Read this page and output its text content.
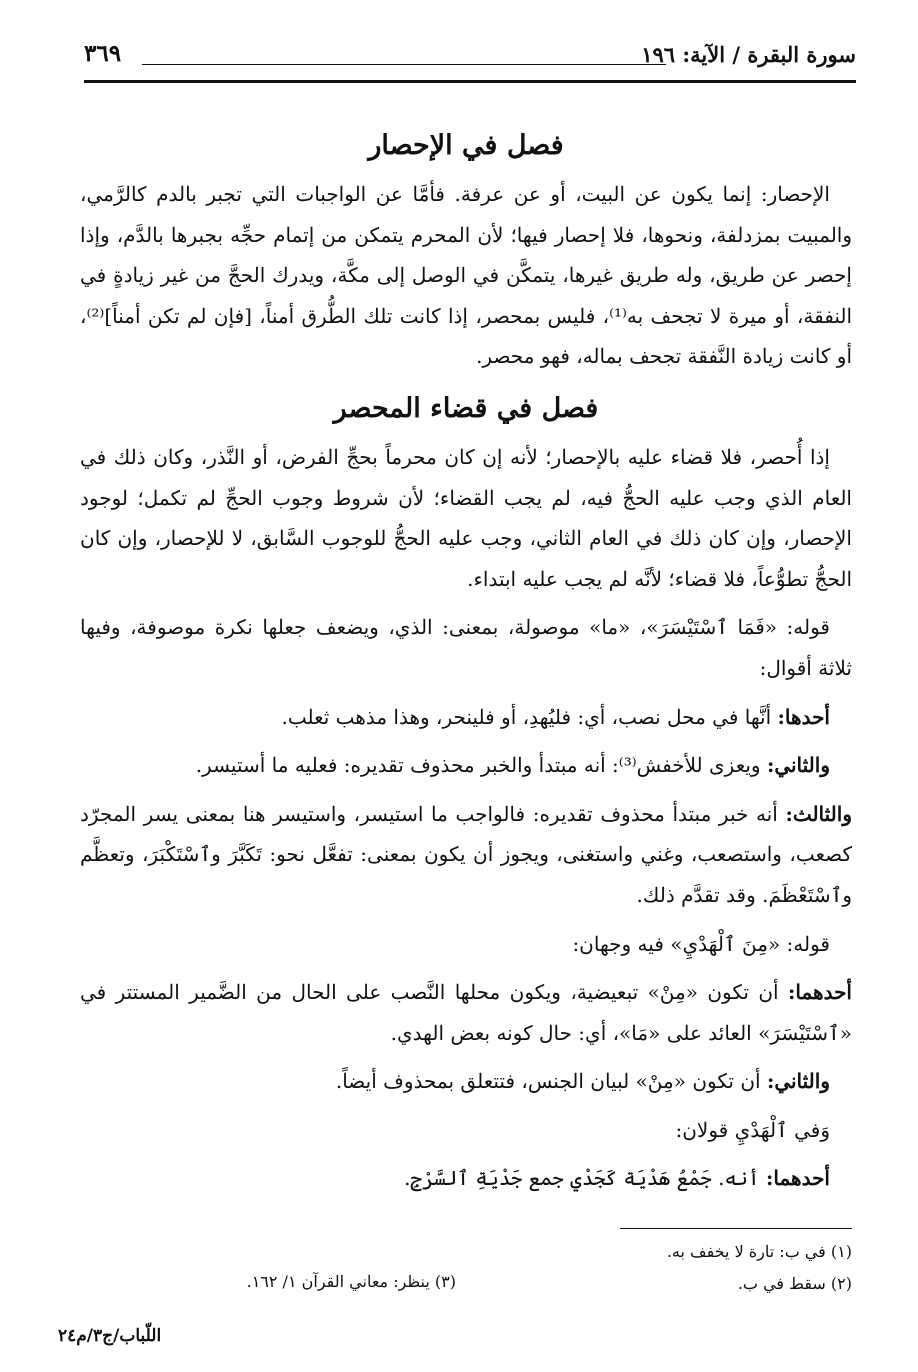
سورة البقرة / الآية: ١٩٦
٣٦٩
فصل في الإحصار

الإحصار: إنما يكون عن البيت، أو عن عرفة. فأمَّا عن الواجبات التي تجبر بالدم كالرَّمي، والمبيت بمزدلفة، ونحوها، فلا إحصار فيها؛ لأن المحرم يتمكن من إتمام حجِّه بجبرها بالدَّم، وإذا إحصر عن طريق، وله طريق غيرها، يتمكَّن في الوصل إلى مكَّة، ويدرك الحجَّ من غير زيادةٍ في النفقة، أو ميرة لا تجحف به⁽¹⁾، فليس بمحصر، إذا كانت تلك الطُّرق أمناً، [فإن لم تكن أمناً]⁽²⁾، أو كانت زيادة النَّفقة تجحف بماله، فهو محصر.

فصل في قضاء المحصر

إذا أُحصر، فلا قضاء عليه بالإحصار؛ لأنه إن كان محرماً بحجِّ الفرض، أو النَّذر، وكان ذلك في العام الذي وجب عليه الحجُّ فيه، لم يجب القضاء؛ لأن شروط وجوب الحجِّ لم تكمل؛ لوجود الإحصار، وإن كان ذلك في العام الثاني، وجب عليه الحجُّ للوجوب السَّابق، لا للإحصار، وإن كان الحجُّ تطوُّعاً، فلا قضاء؛ لأنَّه لم يجب عليه ابتداء.

قوله: «فَمَا ٱسْتَيْسَرَ»، «ما» موصولة، بمعنى: الذي، ويضعف جعلها نكرة موصوفة، وفيها ثلاثة أقوال:

أحدها: أنَّها في محل نصب، أي: فليُهدِ، أو فلينحر، وهذا مذهب ثعلب.

والثاني: ويعزى للأخفش⁽³⁾: أنه مبتدأ والخبر محذوف تقديره: فعليه ما أستيسر.

والثالث: أنه خبر مبتدأ محذوف تقديره: فالواجب ما استيسر، واستيسر هنا بمعنى يسر المجرّد كصعب، واستصعب، وغني واستغنى، ويجوز أن يكون بمعنى: تفعَّل نحو: تَكَبَّرَ وٱسْتَكْبَرَ، وتعظَّم وٱسْتَعْظَمَ. وقد تقدَّم ذلك.

قوله: «مِنَ ٱلْهَدْيِ» فيه وجهان:

أحدهما: أن تكون «مِنْ» تبعيضية، ويكون محلها النَّصب على الحال من الضَّمير المستتر في «ٱسْتَيْسَرَ» العائد على «مَا»، أي: حال كونه بعض الهدي.

والثاني: أن تكون «مِنْ» لبيان الجنس، فتتعلق بمحذوف أيضاً.

وَفي ٱلْهَدْيِ قولان:

أحدهما: أنه. جَمْعُ هَدْيَة كَجَدْي جمع جَدْيَةِ ٱلسَّرْجِ.

(١) في ب: تارة لا يخفف به.
(٢) سقط في ب.
(٣) ينظر: معاني القرآن ١/ ١٦٢.
اللّباب/ج٣/م٢٤
